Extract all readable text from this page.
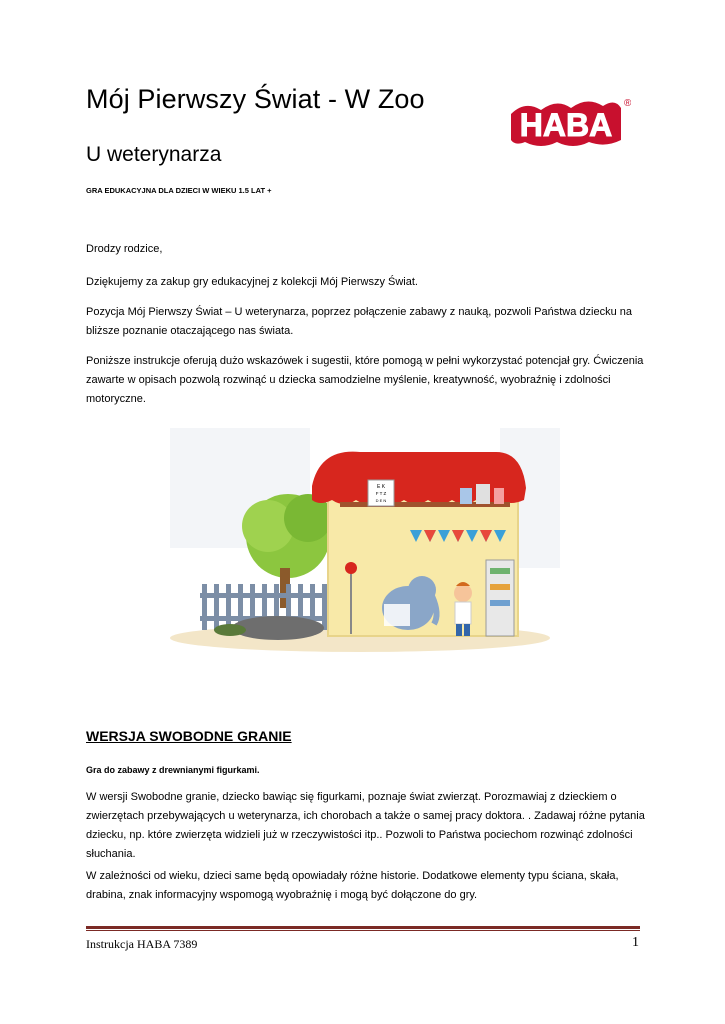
Mój Pierwszy Świat - W Zoo
U weterynarza
GRA EDUKACYJNA DLA DZIECI W WIEKU 1.5 LAT +
HABA
®

Drodzy rodzice,

Dziękujemy za zakup gry edukacyjnej z kolekcji Mój Pierwszy Świat.

Pozycja Mój Pierwszy Świat – U weterynarza, poprzez połączenie zabawy z nauką, pozwoli Państwa dziecku na bliższe poznanie otaczającego nas świata.

Poniższe instrukcje oferują dużo wskazówek i sugestii, które pomogą w pełni wykorzystać potencjał gry. Ćwiczenia zawarte w opisach pozwolą rozwinąć u dziecka samodzielne myślenie, kreatywność, wyobraźnię i zdolności motoryczne.

E K
F T Z
D E N
WERSJA SWOBODNE GRANIE
Gra do zabawy z drewnianymi figurkami.

W wersji Swobodne granie, dziecko bawiąc się figurkami, poznaje świat zwierząt. Porozmawiaj z dzieckiem o zwierzętach przebywających u weterynarza, ich chorobach a także o samej pracy doktora. . Zadawaj różne pytania dziecku, np. które zwierzęta widzieli już w rzeczywistości itp.. Pozwoli to Państwa pociechom rozwinąć zdolności słuchania.

W zależności od wieku, dzieci same będą opowiadały różne historie. Dodatkowe elementy typu ściana, skała, drabina, znak informacyjny wspomogą wyobraźnię i mogą być dołączone do gry.

Instrukcja HABA 7389	1
